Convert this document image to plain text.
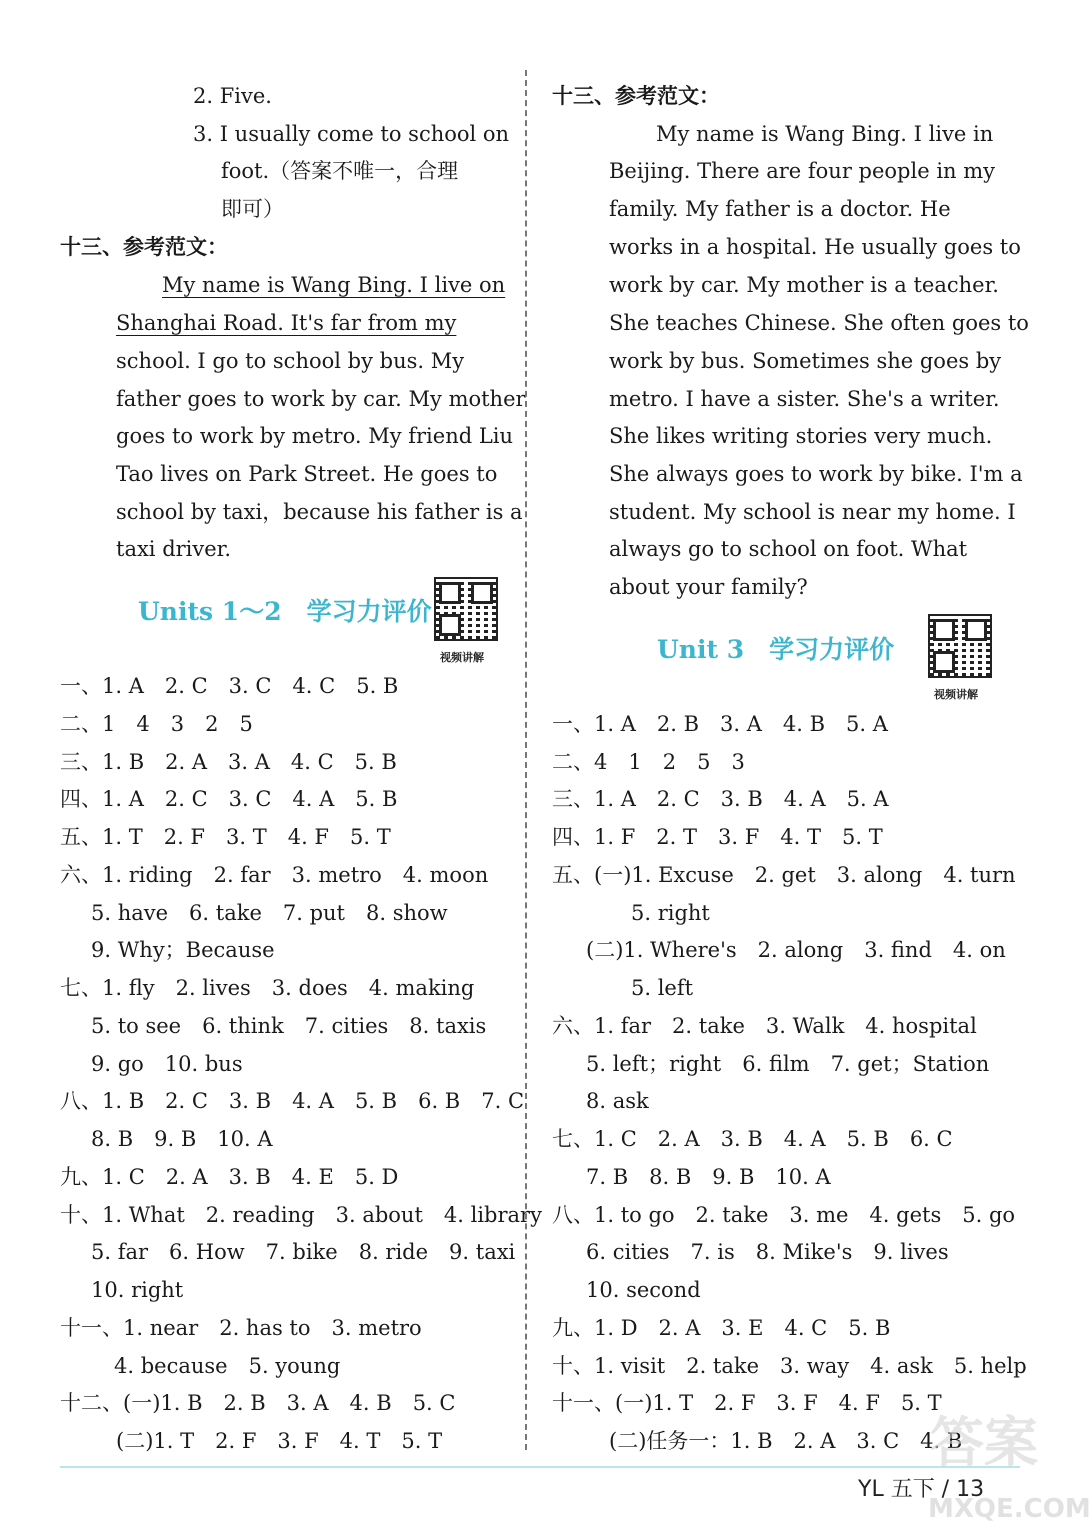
2. Five.
3. I usually come to school on
foot.（答案不唯一，合理
即可）
十三、参考范文：
My name is Wang Bing. I live on
Shanghai Road. It's far from my
school. I go to school by bus. My
father goes to work by car. My mother
goes to work by metro. My friend Liu
Tao lives on Park Street. He goes to
school by taxi，because his father is a
taxi driver.
Units 1～2　学习力评价
视频讲解
一、1. A　2. C　3. C　4. C　5. B
二、1　4　3　2　5
三、1. B　2. A　3. A　4. C　5. B
四、1. A　2. C　3. C　4. A　5. B
五、1. T　2. F　3. T　4. F　5. T
六、1. riding　2. far　3. metro　4. moon
5. have　6. take　7. put　8. show
9. Why；Because
七、1. fly　2. lives　3. does　4. making
5. to see　6. think　7. cities　8. taxis
9. go　10. bus
八、1. B　2. C　3. B　4. A　5. B　6. B　7. C
8. B　9. B　10. A
九、1. C　2. A　3. B　4. E　5. D
十、1. What　2. reading　3. about　4. library
5. far　6. How　7. bike　8. ride　9. taxi
10. right
十一、1. near　2. has to　3. metro
4. because　5. young
十二、(一)1. B　2. B　3. A　4. B　5. C
(二)1. T　2. F　3. F　4. T　5. T
十三、参考范文：
My name is Wang Bing. I live in
Beijing. There are four people in my
family. My father is a doctor. He
works in a hospital. He usually goes to
work by car. My mother is a teacher.
She teaches Chinese. She often goes to
work by bus. Sometimes she goes by
metro. I have a sister. She's a writer.
She likes writing stories very much.
She always goes to work by bike. I'm a
student. My school is near my home. I
always go to school on foot. What
about your family?
Unit 3　学习力评价
视频讲解
一、1. A　2. B　3. A　4. B　5. A
二、4　1　2　5　3
三、1. A　2. C　3. B　4. A　5. A
四、1. F　2. T　3. F　4. T　5. T
五、(一)1. Excuse　2. get　3. along　4. turn
5. right
(二)1. Where's　2. along　3. find　4. on
5. left
六、1. far　2. take　3. Walk　4. hospital
5. left；right　6. film　7. get；Station
8. ask
七、1. C　2. A　3. B　4. A　5. B　6. C
7. B　8. B　9. B　10. A
八、1. to go　2. take　3. me　4. gets　5. go
6. cities　7. is　8. Mike's　9. lives
10. second
九、1. D　2. A　3. E　4. C　5. B
十、1. visit　2. take　3. way　4. ask　5. help
十一、(一)1. T　2. F　3. F　4. F　5. T
(二)任务一：1. B　2. A　3. C　4. B
YL 五下 / 13
答案
MXQE.COM
